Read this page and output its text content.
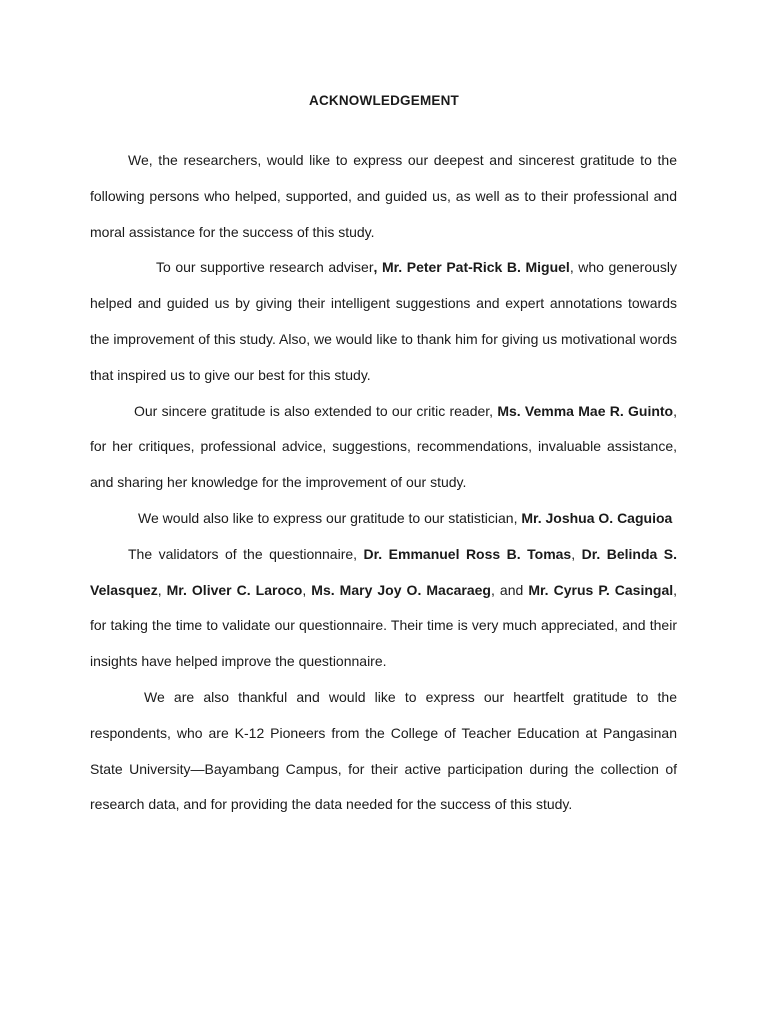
ACKNOWLEDGEMENT

We, the researchers, would like to express our deepest and sincerest gratitude to the following persons who helped, supported, and guided us, as well as to their professional and moral assistance for the success of this study.

To our supportive research adviser, Mr. Peter Pat-Rick B. Miguel, who generously helped and guided us by giving their intelligent suggestions and expert annotations towards the improvement of this study. Also, we would like to thank him for giving us motivational words that inspired us to give our best for this study.

Our sincere gratitude is also extended to our critic reader, Ms. Vemma Mae R. Guinto, for her critiques, professional advice, suggestions, recommendations, invaluable assistance, and sharing her knowledge for the improvement of our study.

We would also like to express our gratitude to our statistician, Mr. Joshua O. Caguioa

The validators of the questionnaire, Dr. Emmanuel Ross B. Tomas, Dr. Belinda S. Velasquez, Mr. Oliver C. Laroco, Ms. Mary Joy O. Macaraeg, and Mr. Cyrus P. Casingal, for taking the time to validate our questionnaire. Their time is very much appreciated, and their insights have helped improve the questionnaire.

We are also thankful and would like to express our heartfelt gratitude to the respondents, who are K-12 Pioneers from the College of Teacher Education at Pangasinan State University—Bayambang Campus, for their active participation during the collection of research data, and for providing the data needed for the success of this study.
